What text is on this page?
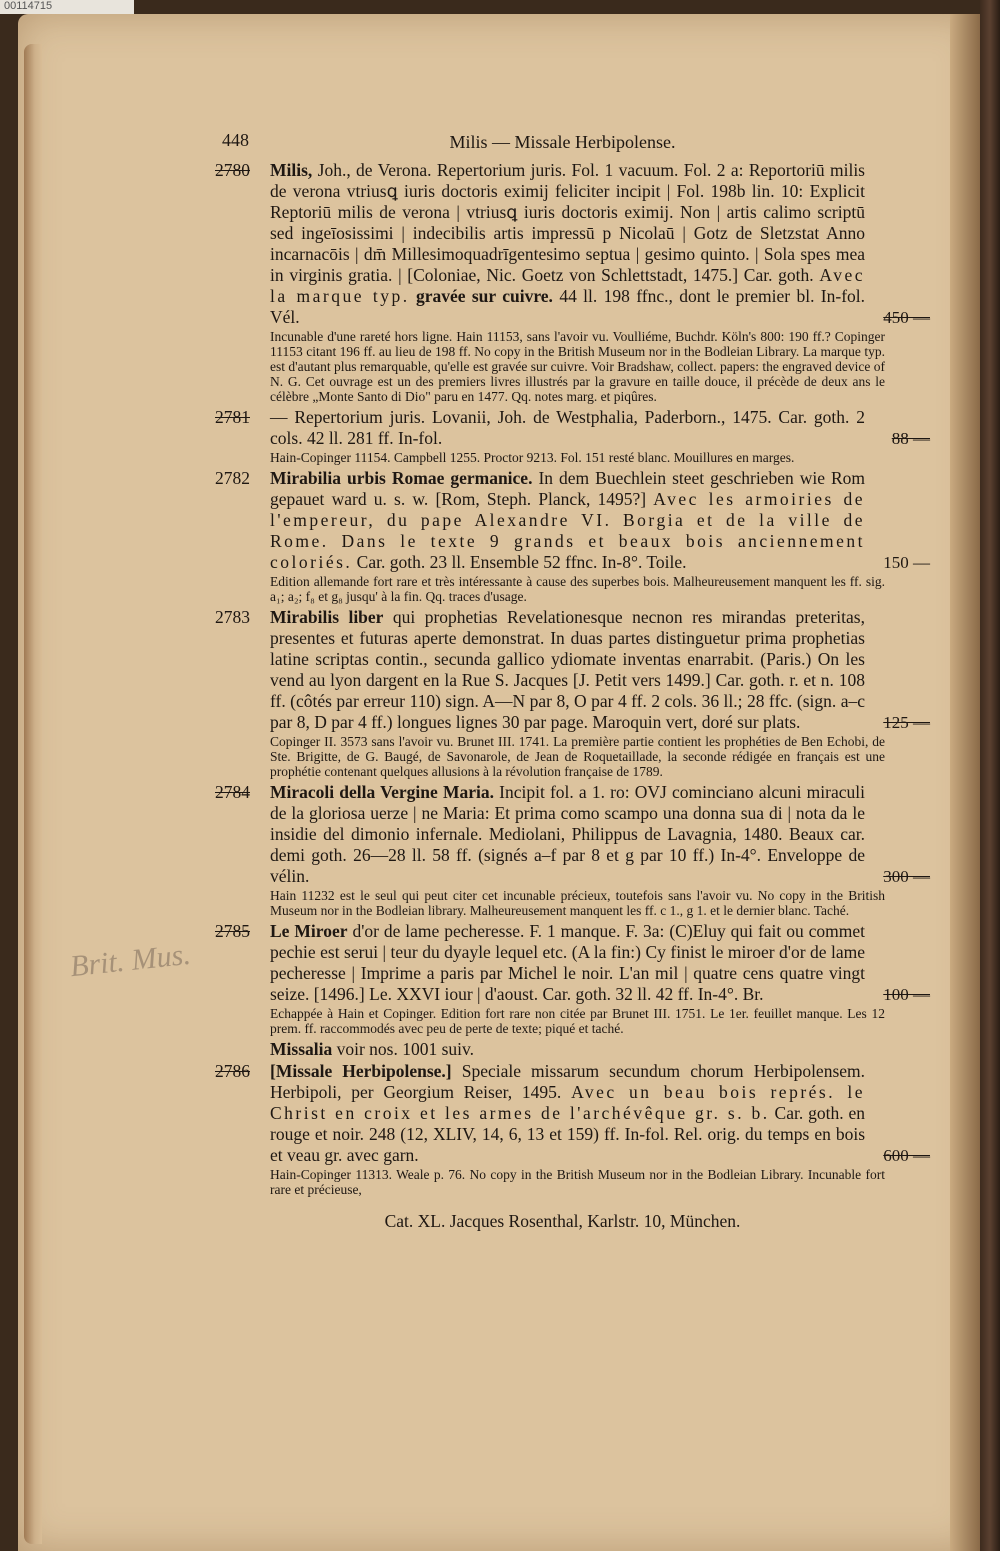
00114715
Brit. Mus.
448	Milis — Missale Herbipolense.
2780 Milis, Joh., de Verona. Repertorium juris. Fol. 1 vacuum. Fol. 2 a: Reportoriū milis de verona vtriusꝗ iuris doctoris eximij feliciter incipit | Fol. 198b lin. 10: Explicit Reptoriū milis de verona | vtriusꝗ iuris doctoris eximij. Non | artis calimo scriptū sed ingeīosissimi | indecibilis artis impressū p Nicolaū | Gotz de Sletzstat Anno incarnacōis | dm̄ Millesimoquadrīgentesimo septua | gesimo quinto. | Sola spes mea in virginis gratia. | [Coloniae, Nic. Goetz von Schlettstadt, 1475.] Car. goth. Avec la marque typ. gravée sur cuivre. 44 ll. 198 ffnc., dont le premier bl. In-fol. Vél.	450 —
Incunable d'une rareté hors ligne. Hain 11153, sans l'avoir vu. Voulliéme, Buchdr. Köln's 800: 190 ff.? Copinger 11153 citant 196 ff. au lieu de 198 ff. No copy in the British Museum nor in the Bodleian Library. La marque typ. est d'autant plus remarquable, qu'elle est gravée sur cuivre. Voir Bradshaw, collect. papers: the engraved device of N. G. Cet ouvrage est un des premiers livres illustrés par la gravure en taille douce, il précède de deux ans le célèbre „Monte Santo di Dio" paru en 1477. Qq. notes marg. et piqûres.
2781 — Repertorium juris. Lovanii, Joh. de Westphalia, Paderborn., 1475. Car. goth. 2 cols. 42 ll. 281 ff. In-fol.	88 —
Hain-Copinger 11154. Campbell 1255. Proctor 9213. Fol. 151 resté blanc. Mouillures en marges.
2782 Mirabilia urbis Romae germanice. In dem Buechlein steet geschrieben wie Rom gepauet ward u. s. w. [Rom, Steph. Planck, 1495?] Avec les armoiries de l'empereur, du pape Alexandre VI. Borgia et de la ville de Rome. Dans le texte 9 grands et beaux bois anciennement coloriés. Car. goth. 23 ll. Ensemble 52 ffnc. In-8°. Toile.	150 —
Edition allemande fort rare et très intéressante à cause des superbes bois. Malheureusement manquent les ff. sig. a₁; a₂; f₈ et g₈ jusqu' à la fin. Qq. traces d'usage.
2783 Mirabilis liber qui prophetias Revelationesque necnon res mirandas preteritas, presentes et futuras aperte demonstrat. In duas partes distinguetur prima prophetias latine scriptas contin., secunda gallico ydiomate inventas enarrabit. (Paris.) On les vend au lyon dargent en la Rue S. Jacques [J. Petit vers 1499.] Car. goth. r. et n. 108 ff. (côtés par erreur 110) sign. A—N par 8, O par 4 ff. 2 cols. 36 ll.; 28 ffc. (sign. a–c par 8, D par 4 ff.) longues lignes 30 par page. Maroquin vert, doré sur plats.	125 —
Copinger II. 3573 sans l'avoir vu. Brunet III. 1741. La première partie contient les prophéties de Ben Echobi, de Ste. Brigitte, de G. Baugé, de Savonarole, de Jean de Roquetaillade, la seconde rédigée en français est une prophétie contenant quelques allusions à la révolution française de 1789.
2784 Miracoli della Vergine Maria. Incipit fol. a 1. ro: OVJ cominciano alcuni miraculi de la gloriosa uerze | ne Maria: Et prima como scampo una donna sua di | nota da le insidie del dimonio infernale. Mediolani, Philippus de Lavagnia, 1480. Beaux car. demi goth. 26—28 ll. 58 ff. (signés a–f par 8 et g par 10 ff.) In-4°. Enveloppe de vélin.	300 —
Hain 11232 est le seul qui peut citer cet incunable précieux, toutefois sans l'avoir vu. No copy in the British Museum nor in the Bodleian library. Malheureusement manquent les ff. c 1., g 1. et le dernier blanc. Taché.
2785 Le Miroer d'or de lame pecheresse. F. 1 manque. F. 3a: (C)Eluy qui fait ou commet pechie est serui | teur du dyayle lequel etc. (A la fin:) Cy finist le miroer d'or de lame pecheresse | Imprime a paris par Michel le noir. L'an mil | quatre cens quatre vingt seize. [1496.] Le. XXVI iour | d'aoust. Car. goth. 32 ll. 42 ff. In-4°. Br.	100 —
Echappée à Hain et Copinger. Edition fort rare non citée par Brunet III. 1751. Le 1er. feuillet manque. Les 12 prem. ff. raccommodés avec peu de perte de texte; piqué et taché.
Missalia voir nos. 1001 suiv.
2786 [Missale Herbipolense.] Speciale missarum secundum chorum Herbipolensem. Herbipoli, per Georgium Reiser, 1495. Avec un beau bois représ. le Christ en croix et les armes de l'archévêque gr. s. b. Car. goth. en rouge et noir. 248 (12, XLIV, 14, 6, 13 et 159) ff. In-fol. Rel. orig. du temps en bois et veau gr. avec garn.	600 —
Hain-Copinger 11313. Weale p. 76. No copy in the British Museum nor in the Bodleian Library. Incunable fort rare et précieuse,
Cat. XL. Jacques Rosenthal, Karlstr. 10, München.
